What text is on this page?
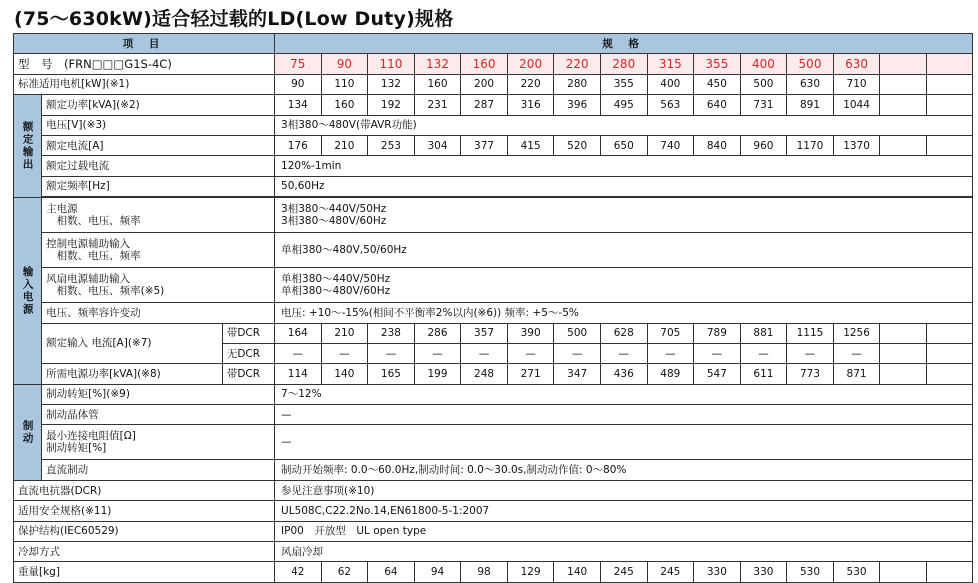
(75～630kW)适合轻过载的LD(Low Duty)规格
项 目			规 格														
型　号　(FRN□□□G1S-4C)			75	90	110	132	160	200	220	280	315	355	400	500	630		
标准适用电机[kW](※1)			90	110	132	160	200	220	280	355	400	450	500	630	710		
额定输出	额定功率[kVA](※2)		134	160	192	231	287	316	396	495	563	640	731	891	1044		
	电压[V](※3)		3相380～480V(带AVR功能)														
	额定电流[A]		176	210	253	304	377	415	520	650	740	840	960	1170	1370		
	额定过载电流		120%-1min														
	额定频率[Hz]		50,60Hz														

输入电源	主电源
　相数、电压、频率		3相380～440V/50Hz
3相380～480V/60Hz														

	控制电源辅助输入
　相数、电压、频率		单相380～480V,50/60Hz														

	风扇电源辅助输入
　相数、电压、频率(※5)		单相380～440V/50Hz
单相380～480V/60Hz														

	电压、频率容许变动		电压: +10～-15%(相间不平衡率2%以内(※6)) 频率: +5～-5%														
	额定输入 电流[A](※7)	带DCR	164	210	238	286	357	390	500	628	705	789	881	1115	1256		
		无DCR	—	—	—	—	—	—	—	—	—	—	—	—	—		
	所需电源功率[kVA](※8)	带DCR	114	140	165	199	248	271	347	436	489	547	611	773	871		
制动	制动转矩[%](※9)		7～12%														
	制动晶体管		—														

	最小连接电阻值[Ω]
制动转矩[%]		—														
	直流制动		制动开始频率: 0.0～60.0Hz,制动时间: 0.0～30.0s,制动动作值: 0～80%														
直流电抗器(DCR)			参见注意事项(※10)														
适用安全规格(※11)			UL508C,C22.2No.14,EN61800-5-1:2007														
保护结构(IEC60529)			IP00　开放型　UL open type														
冷却方式			风扇冷却														
重量[kg]			42	62	64	94	98	129	140	245	245	330	330	530	530		
